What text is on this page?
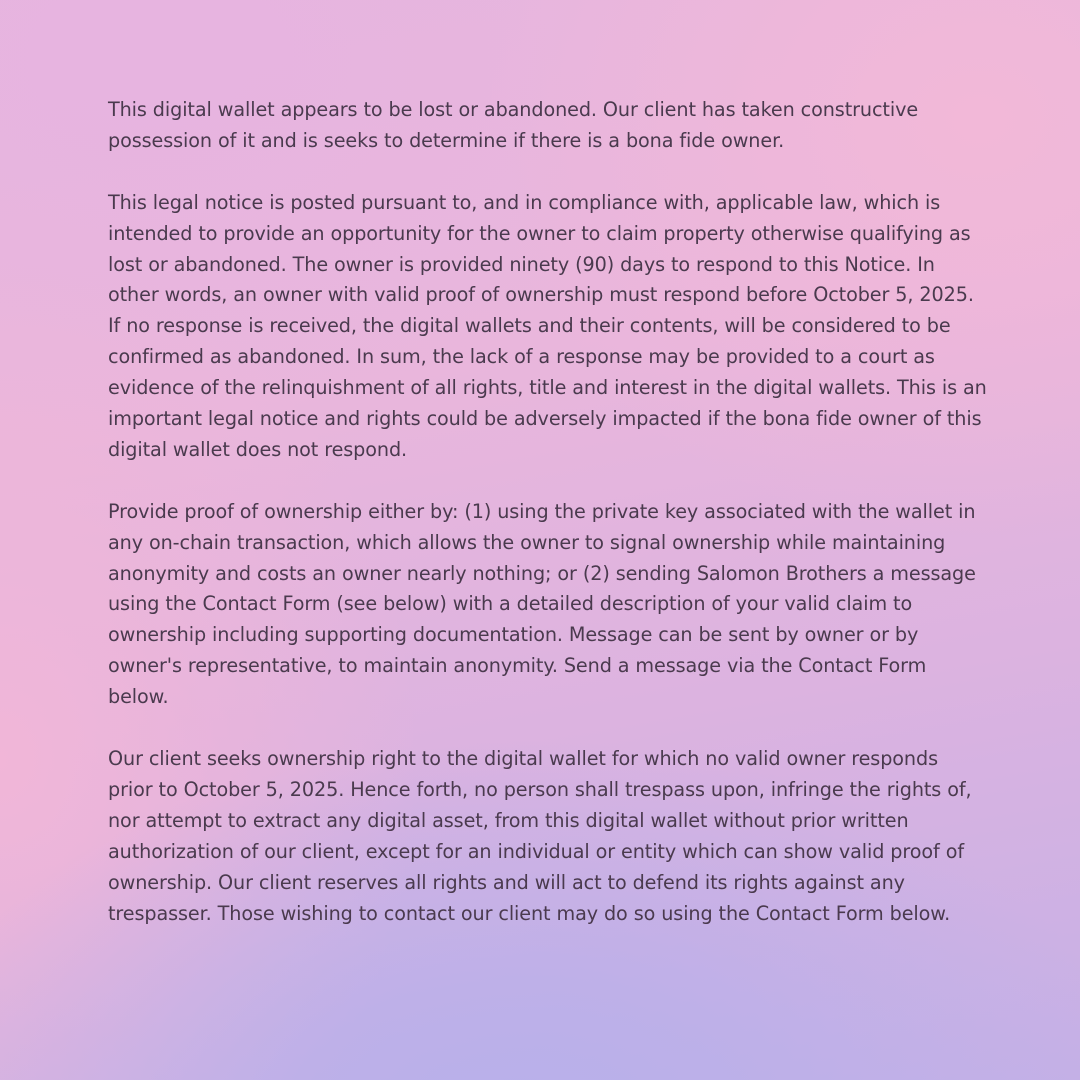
This digital wallet appears to be lost or abandoned. Our client has taken constructive possession of it and is seeks to determine if there is a bona fide owner.

This legal notice is posted pursuant to, and in compliance with, applicable law, which is intended to provide an opportunity for the owner to claim property otherwise qualifying as lost or abandoned. The owner is provided ninety (90) days to respond to this Notice. In other words, an owner with valid proof of ownership must respond before October 5, 2025. If no response is received, the digital wallets and their contents, will be considered to be confirmed as abandoned. In sum, the lack of a response may be provided to a court as evidence of the relinquishment of all rights, title and interest in the digital wallets. This is an important legal notice and rights could be adversely impacted if the bona fide owner of this digital wallet does not respond.

Provide proof of ownership either by: (1) using the private key associated with the wallet in any on-chain transaction, which allows the owner to signal ownership while maintaining anonymity and costs an owner nearly nothing; or (2) sending Salomon Brothers a message using the Contact Form (see below) with a detailed description of your valid claim to ownership including supporting documentation. Message can be sent by owner or by owner's representative, to maintain anonymity. Send a message via the Contact Form below.

Our client seeks ownership right to the digital wallet for which no valid owner responds prior to October 5, 2025. Hence forth, no person shall trespass upon, infringe the rights of, nor attempt to extract any digital asset, from this digital wallet without prior written authorization of our client, except for an individual or entity which can show valid proof of ownership. Our client reserves all rights and will act to defend its rights against any trespasser. Those wishing to contact our client may do so using the Contact Form below.
